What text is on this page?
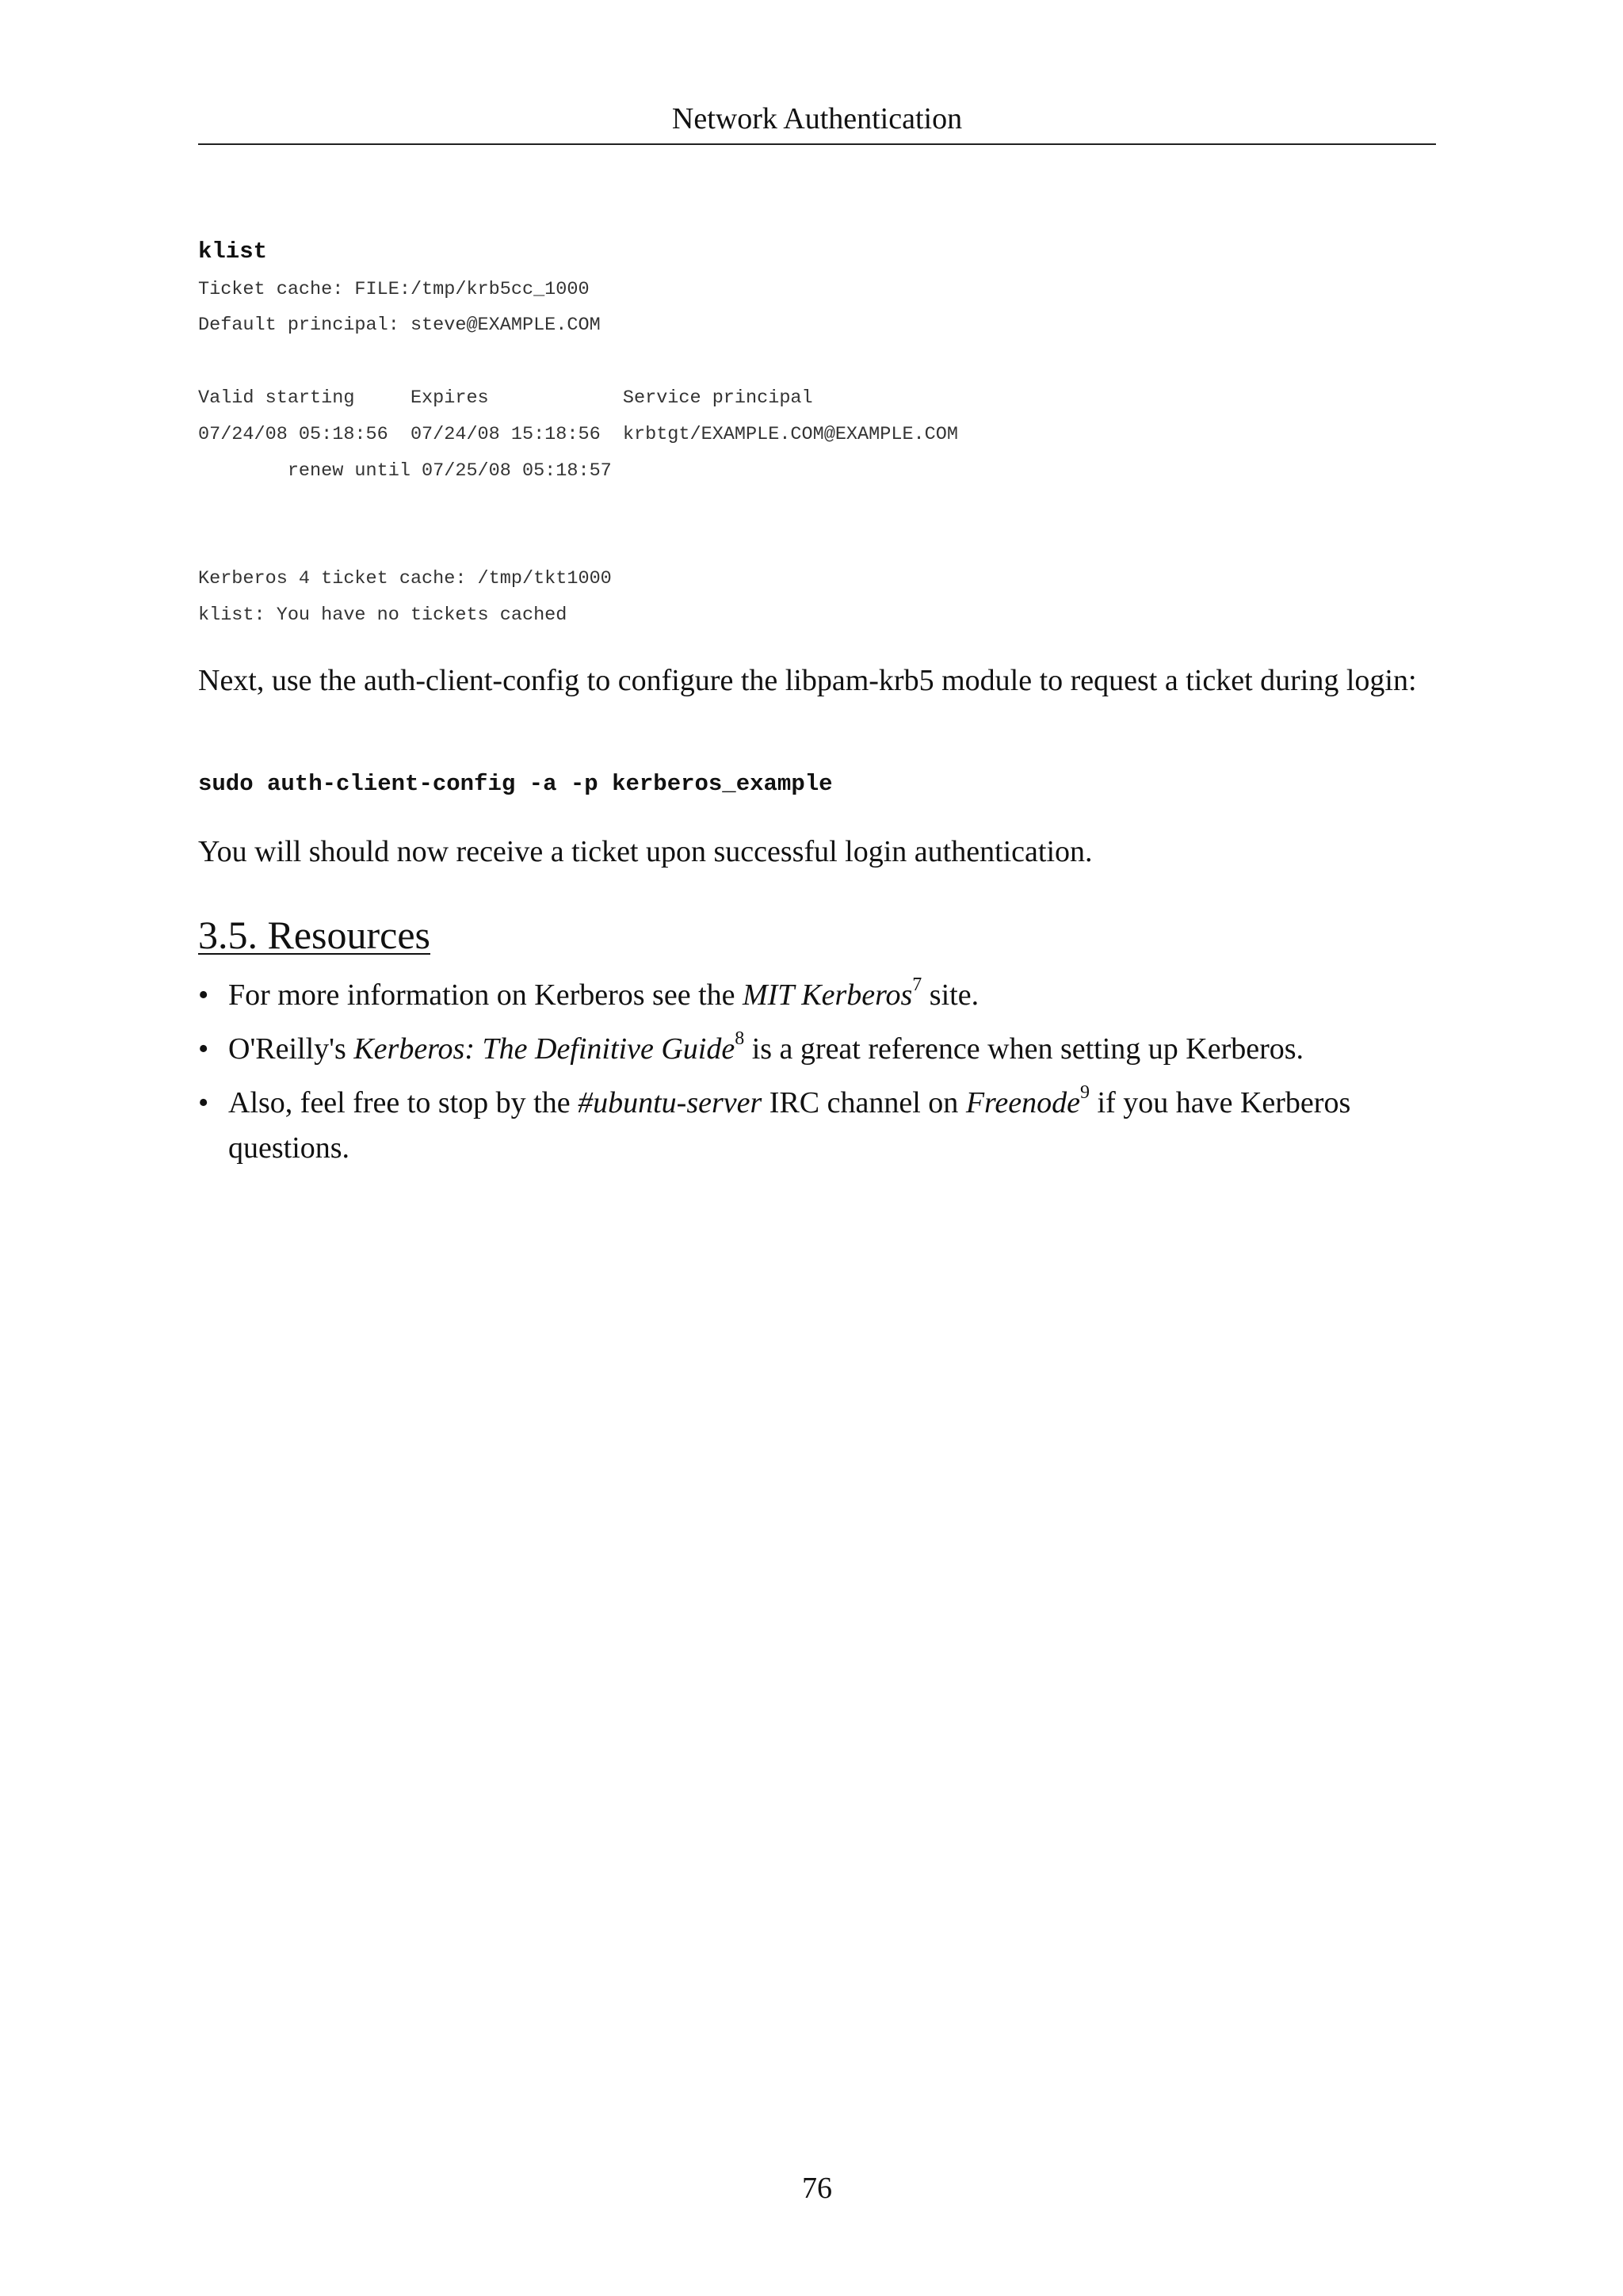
Network Authentication
klist
Ticket cache: FILE:/tmp/krb5cc_1000
Default principal: steve@EXAMPLE.COM
Valid starting     Expires            Service principal
07/24/08 05:18:56  07/24/08 15:18:56  krbtgt/EXAMPLE.COM@EXAMPLE.COM
renew until 07/25/08 05:18:57
Kerberos 4 ticket cache: /tmp/tkt1000
klist: You have no tickets cached
Next, use the auth-client-config to configure the libpam-krb5 module to request a ticket during login:
sudo auth-client-config -a -p kerberos_example
You will should now receive a ticket upon successful login authentication.
3.5. Resources
• For more information on Kerberos see the MIT Kerberos$^7$ site.
• O'Reilly's Kerberos: The Definitive Guide$^8$ is a great reference when setting up Kerberos.
• Also, feel free to stop by the #ubuntu-server IRC channel on Freenode$^9$ if you have Kerberos
questions.
76
